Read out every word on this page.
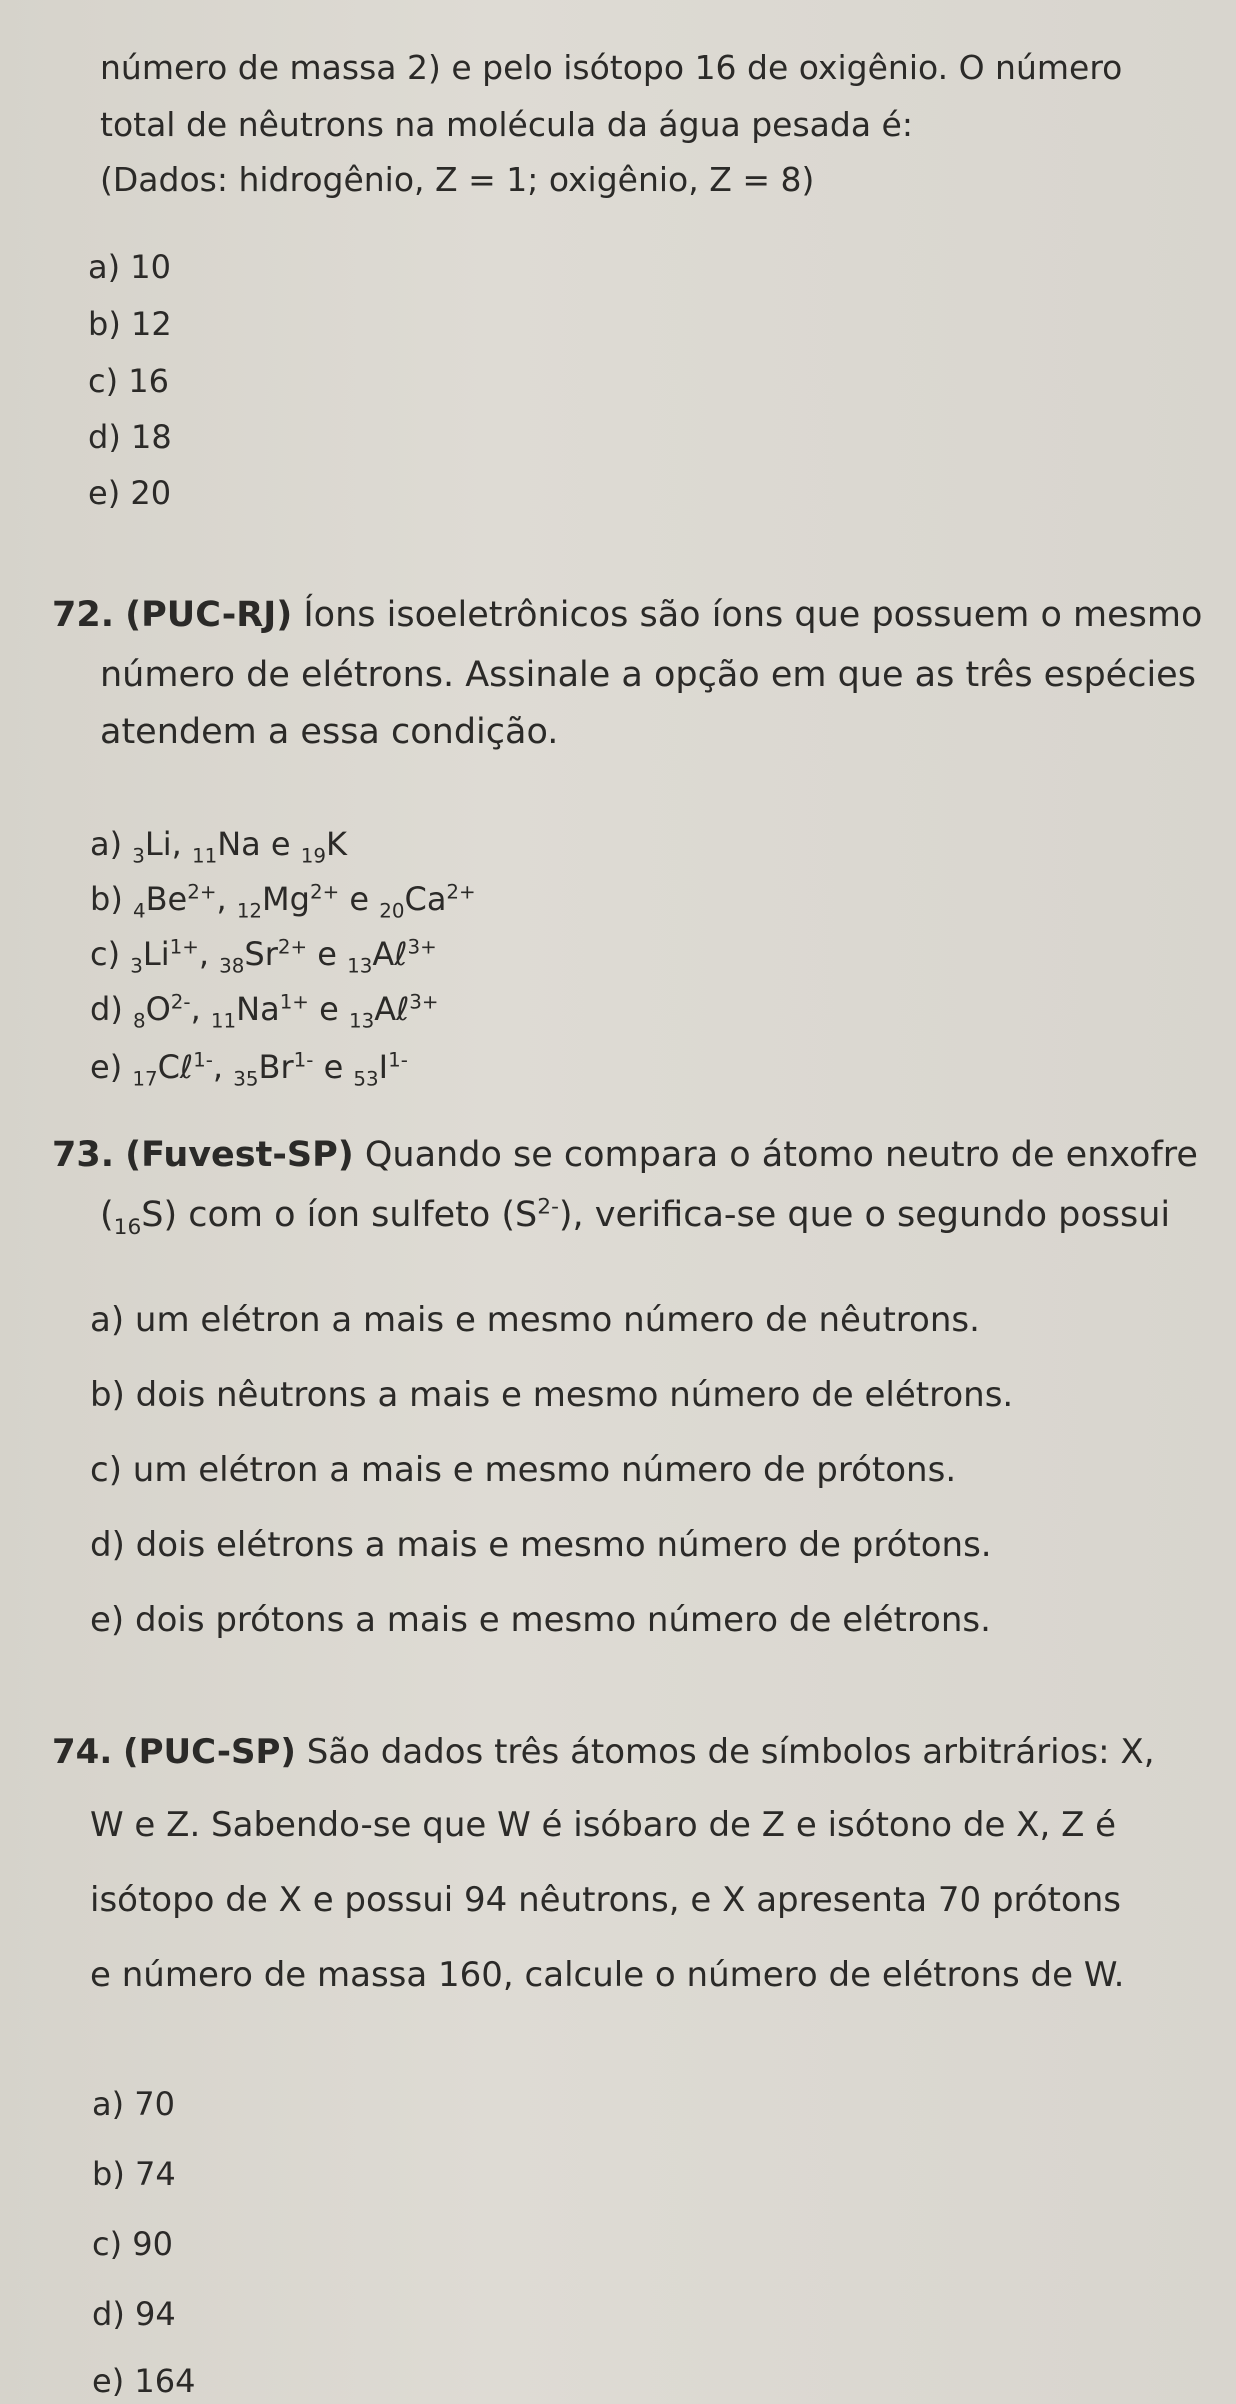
número de massa 2) e pelo isótopo 16 de oxigênio. O número
total de nêutrons na molécula da água pesada é:
(Dados: hidrogênio, Z = 1; oxigênio, Z = 8)
a) 10
b) 12
c) 16
d) 18
e) 20
72. (PUC-RJ) Íons isoeletrônicos são íons que possuem o mesmo
número de elétrons. Assinale a opção em que as três espécies
atendem a essa condição.
a) $_3$Li, $_{11}$Na e $_{19}$K
b) $_4Be^{2+}$, $_{12}Mg^{2+}$ e $_{20}Ca^{2+}$
c) $_3Li^{1+}$, $_{38}Sr^{2+}$ e $_{13}$Aℓ$^{3+}$
d) $_8O^{2-}$, $_{11}Na^{1+}$ e $_{13}$Aℓ$^{3+}$
e) $_{17}$Cℓ$^{1-}$, $_{35}Br^{1-}$ e $_{53}I^{1-}$
73. (Fuvest-SP) Quando se compara o átomo neutro de enxofre
$(_{16}S)$ com o íon sulfeto $(S^{2-})$, verifica-se que o segundo possui
a) um elétron a mais e mesmo número de nêutrons.
b) dois nêutrons a mais e mesmo número de elétrons.
c) um elétron a mais e mesmo número de prótons.
d) dois elétrons a mais e mesmo número de prótons.
e) dois prótons a mais e mesmo número de elétrons.
74. (PUC-SP) São dados três átomos de símbolos arbitrários: X,
W e Z. Sabendo-se que W é isóbaro de Z e isótono de X, Z é
isótopo de X e possui 94 nêutrons, e X apresenta 70 prótons
e número de massa 160, calcule o número de elétrons de W.
a) 70
b) 74
c) 90
d) 94
e) 164
